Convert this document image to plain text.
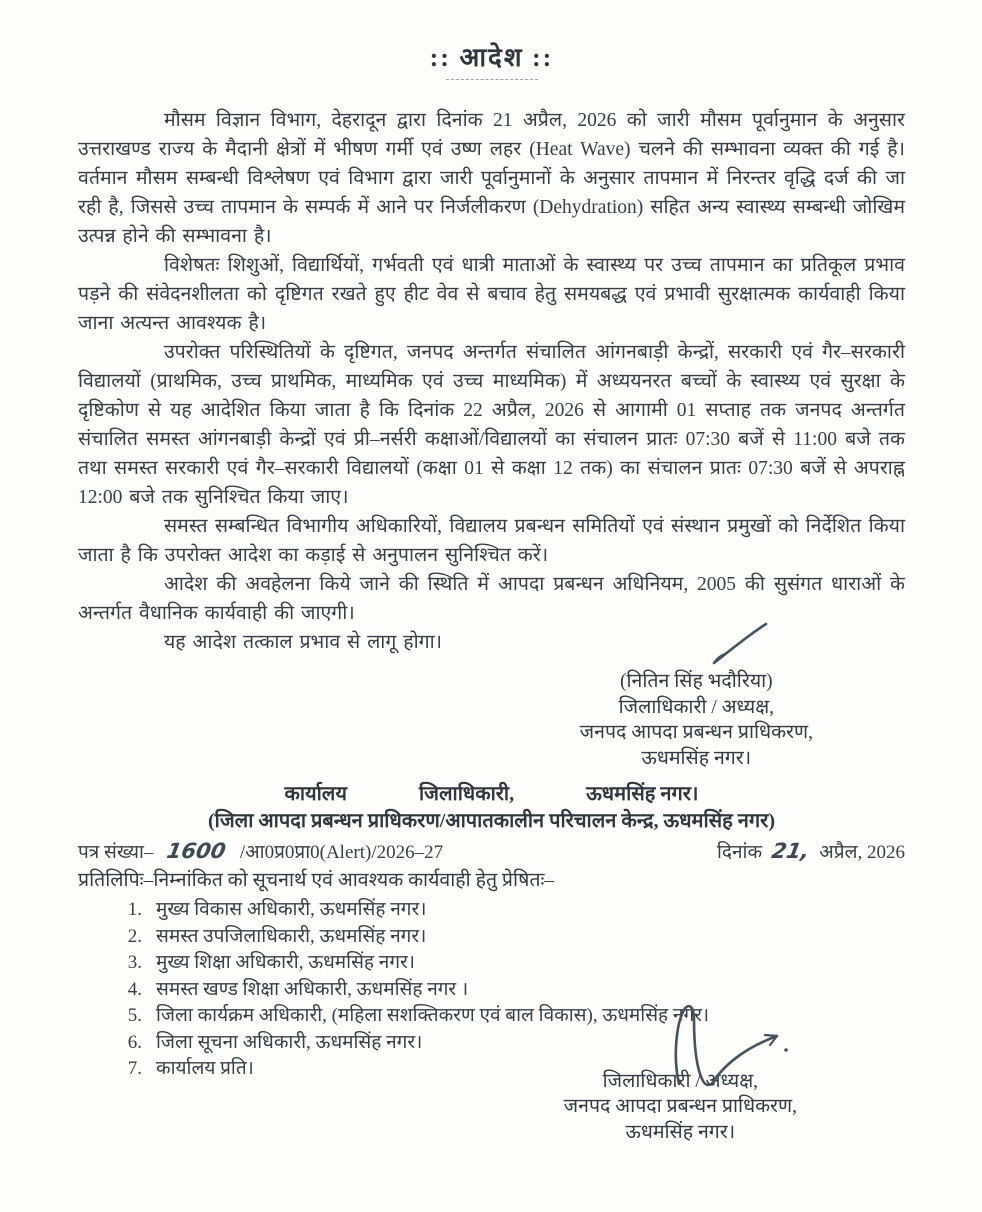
:: आदेश ::

मौसम विज्ञान विभाग, देहरादून द्वारा दिनांक 21 अप्रैल, 2026 को जारी मौसम पूर्वानुमान के अनुसार उत्तराखण्ड राज्य के मैदानी क्षेत्रों में भीषण गर्मी एवं उष्ण लहर (Heat Wave) चलने की सम्भावना व्यक्त की गई है। वर्तमान मौसम सम्बन्धी विश्लेषण एवं विभाग द्वारा जारी पूर्वानुमानों के अनुसार तापमान में निरन्तर वृद्धि दर्ज की जा रही है, जिससे उच्च तापमान के सम्पर्क में आने पर निर्जलीकरण (Dehydration) सहित अन्य स्वास्थ्य सम्बन्धी जोखिम उत्पन्न होने की सम्भावना है।

विशेषतः शिशुओं, विद्यार्थियों, गर्भवती एवं धात्री माताओं के स्वास्थ्य पर उच्च तापमान का प्रतिकूल प्रभाव पड़ने की संवेदनशीलता को दृष्टिगत रखते हुए हीट वेव से बचाव हेतु समयबद्ध एवं प्रभावी सुरक्षात्मक कार्यवाही किया जाना अत्यन्त आवश्यक है।

उपरोक्त परिस्थितियों के दृष्टिगत, जनपद अन्तर्गत संचालित आंगनबाड़ी केन्द्रों, सरकारी एवं गैर–सरकारी विद्यालयों (प्राथमिक, उच्च प्राथमिक, माध्यमिक एवं उच्च माध्यमिक) में अध्ययनरत बच्चों के स्वास्थ्य एवं सुरक्षा के दृष्टिकोण से यह आदेशित किया जाता है कि दिनांक 22 अप्रैल, 2026 से आगामी 01 सप्ताह तक जनपद अन्तर्गत संचालित समस्त आंगनबाड़ी केन्द्रों एवं प्री–नर्सरी कक्षाओं/विद्यालयों का संचालन प्रातः 07:30 बजें से 11:00 बजे तक तथा समस्त सरकारी एवं गैर–सरकारी विद्यालयों (कक्षा 01 से कक्षा 12 तक) का संचालन प्रातः 07:30 बजें से अपराह्न 12:00 बजे तक सुनिश्चित किया जाए।

समस्त सम्बन्धित विभागीय अधिकारियों, विद्यालय प्रबन्धन समितियों एवं संस्थान प्रमुखों को निर्देशित किया जाता है कि उपरोक्त आदेश का कड़ाई से अनुपालन सुनिश्चित करें।

आदेश की अवहेलना किये जाने की स्थिति में आपदा प्रबन्धन अधिनियम, 2005 की सुसंगत धाराओं के अन्तर्गत वैधानिक कार्यवाही की जाएगी।

यह आदेश तत्काल प्रभाव से लागू होगा।

(नितिन सिंह भदौरिया)
जिलाधिकारी / अध्यक्ष,
जनपद आपदा प्रबन्धन प्राधिकरण,
ऊधमसिंह नगर।
कार्यालय	जिलाधिकारी,	ऊधमसिंह नगर।
(जिला आपदा प्रबन्धन प्राधिकरण/आपातकालीन परिचालन केन्द्र, ऊधमसिंह नगर)
पत्र संख्या– 1600 /आ0प्र0प्रा0(Alert)/2026–27	दिनांक 21, अप्रैल, 2026
प्रतिलिपिः–निम्नांकित को सूचनार्थ एवं आवश्यक कार्यवाही हेतु प्रेषितः–
1. मुख्य विकास अधिकारी, ऊधमसिंह नगर।
2. समस्त उपजिलाधिकारी, ऊधमसिंह नगर।
3. मुख्य शिक्षा अधिकारी, ऊधमसिंह नगर।
4. समस्त खण्ड शिक्षा अधिकारी, ऊधमसिंह नगर ।
5. जिला कार्यक्रम अधिकारी, (महिला सशक्तिकरण एवं बाल विकास), ऊधमसिंह नगर।
6. जिला सूचना अधिकारी, ऊधमसिंह नगर।
7. कार्यालय प्रति।
जिलाधिकारी / अध्यक्ष,
जनपद आपदा प्रबन्धन प्राधिकरण,
ऊधमसिंह नगर।
